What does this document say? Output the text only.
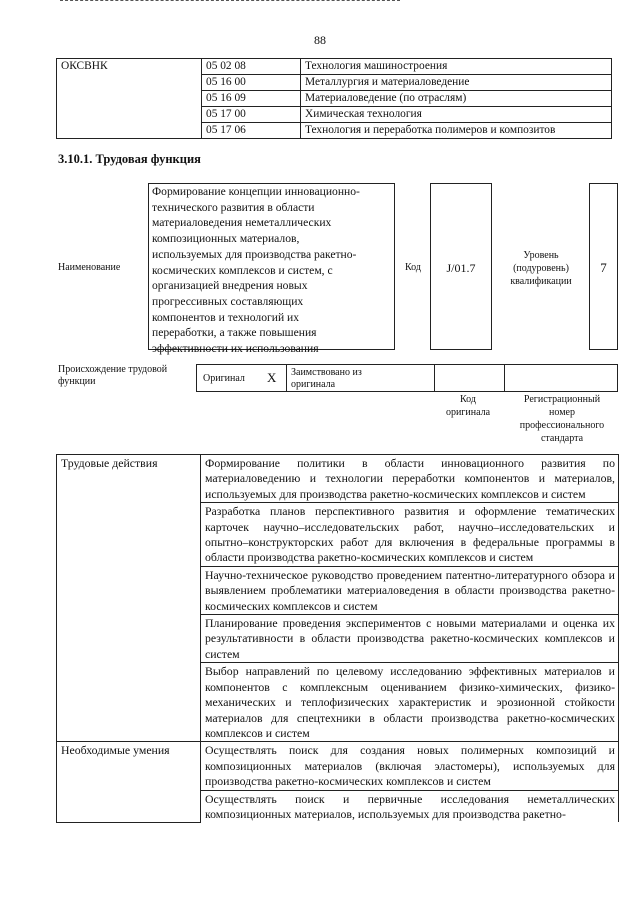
88
ОКСВНК	05 02 08	Технология машиностроения
	05 16 00	Металлургия и материаловедение
	05 16 09	Материаловедение (по отраслям)
	05 17 00	Химическая технология
	05 17 06	Технология и переработка полимеров и композитов
3.10.1. Трудовая функция
Наименование
Формирование концепции инновационно-
технического развития в области
материаловедения неметаллических
композиционных материалов,
используемых для производства ракетно-
космических комплексов и систем, с
организацией внедрения новых
прогрессивных составляющих
компонентов и технологий их
переработки, а также повышения
эффективности их использования
Код	J/01.7
Уровень
(подуровень)
квалификации
7
Происхождение трудовой
функции	Оригинал X Заимствовано из
оригинала
Код
оригинала
Регистрационный
номер
профессионального
стандарта
Трудовые действия	Формирование политики в области инновационного развития по материаловедению и технологии переработки компонентов и материалов, используемых для производства ракетно-космических комплексов и систем
	Разработка планов перспективного развития и оформление тематических карточек научно–исследовательских работ, научно–исследовательских и опытно–конструкторских работ для включения в федеральные программы в области производства ракетно-космических комплексов и систем
	Научно-техническое руководство проведением патентно-литературного обзора и выявлением проблематики материаловедения в области производства ракетно-космических комплексов и систем
	Планирование проведения экспериментов с новыми материалами и оценка их результативности в области производства ракетно-космических комплексов и систем
	Выбор направлений по целевому исследованию эффективных материалов и компонентов с комплексным оцениванием физико-химических, физико-механических и теплофизических характеристик и эрозионной стойкости материалов для спецтехники в области производства ракетно-космических комплексов и систем
Необходимые умения	Осуществлять поиск для создания новых полимерных композиций и композиционных материалов (включая эластомеры), используемых для производства ракетно-космических комплексов и систем
	Осуществлять поиск и первичные исследования неметаллических композиционных материалов, используемых для производства ракетно-
